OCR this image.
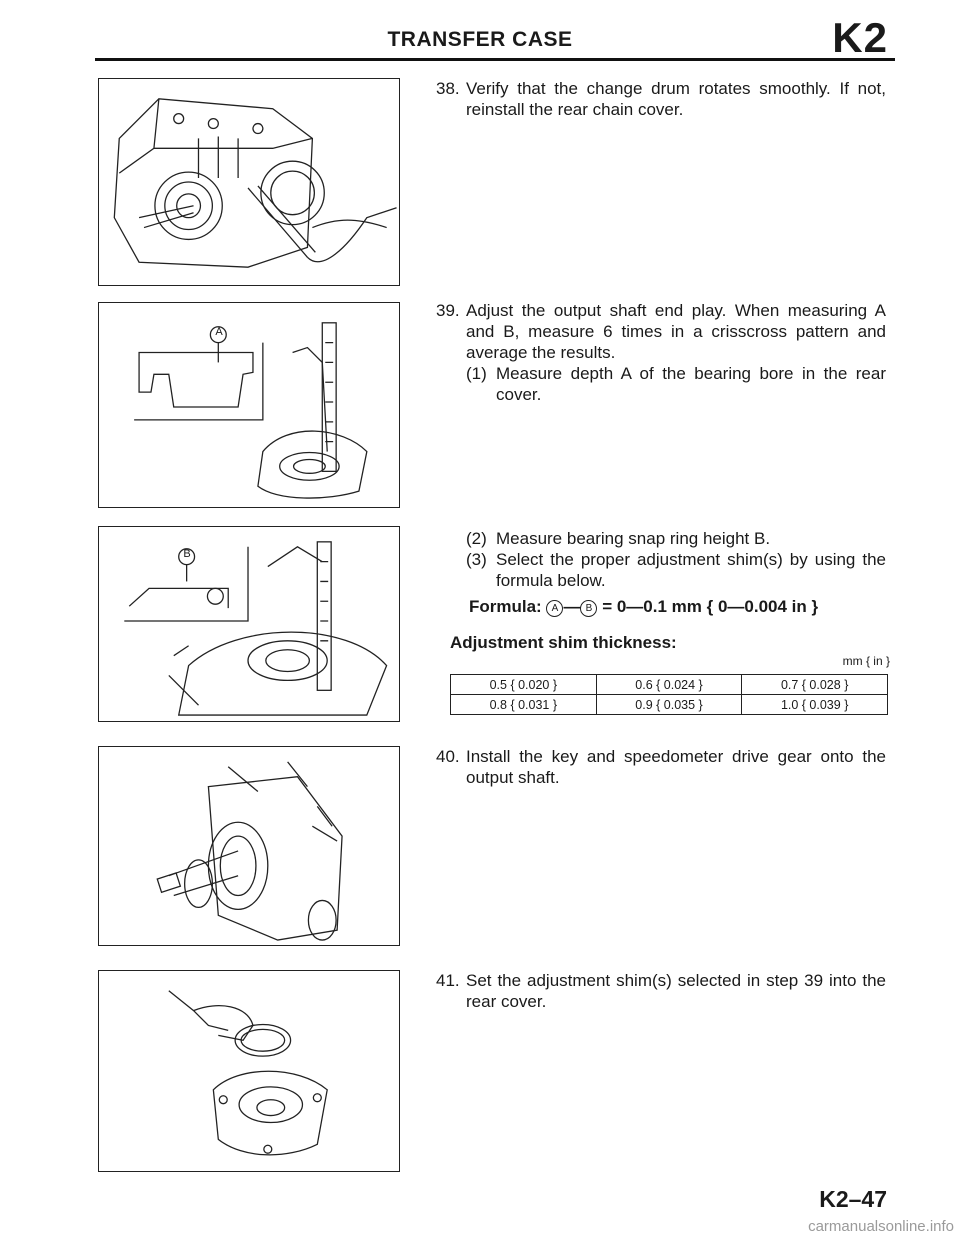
TRANSFER CASE	K2
A
B
38. Verify that the change drum rotates smoothly. If not, reinstall the rear chain cover.
39. Adjust the output shaft end play. When measuring A and B, measure 6 times in a crisscross pattern and average the results.
(1) Measure depth A of the bearing bore in the rear cover.
(2) Measure bearing snap ring height B.
(3) Select the proper adjustment shim(s) by using the formula below.
Formula: A — B = 0—0.1 mm { 0—0.004 in }
Adjustment shim thickness:
mm { in }
0.5 { 0.020 }	0.6 { 0.024 }	0.7 { 0.028 }
0.8 { 0.031 }	0.9 { 0.035 }	1.0 { 0.039 }
40. Install the key and speedometer drive gear onto the output shaft.
41. Set the adjustment shim(s) selected in step 39 into the rear cover.
K2–47
carmanualsonline.info
